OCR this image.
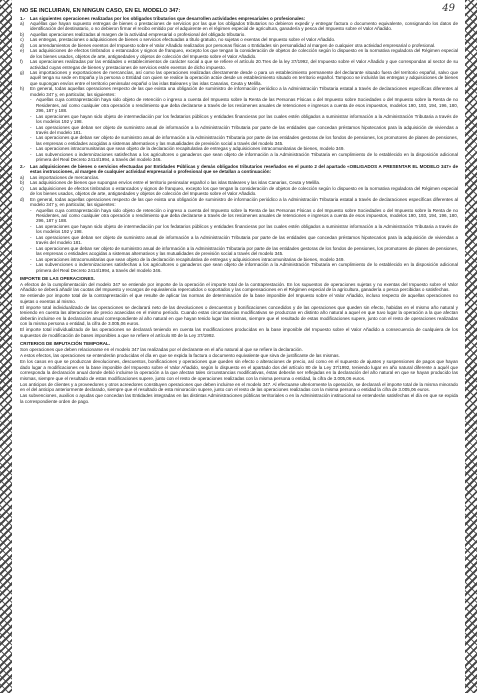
49

NO SE INCLUIRÁN, EN NINGÚN CASO, EN EL MODELO 347:

1.-	Las siguientes operaciones realizadas por los obligados tributarios que desarrollen actividades empresariales o profesionales:
a)	Aquéllas que hayan supuesto entregas de bienes o prestaciones de servicios por las que los obligados tributarios no debieron expedir y entregar factura o documento equivalente, consignando los datos de identificación del destinatario, o no debieron firmar el recibo emitido por el adquirente en el régimen especial de agricultura, ganadería y pesca del Impuesto sobre el Valor Añadido.
b)	Aquellas operaciones realizadas al margen de la actividad empresarial o profesional del obligado tributario.
c)	Las entregas, prestaciones o adquisiciones de bienes o servicios efectuadas a título gratuito, no sujetas o exentas del Impuesto sobre el Valor Añadido.
d)	Los arrendamientos de bienes exentos del Impuesto sobre el Valor Añadido realizados por personas físicas o Entidades sin personalidad al margen de cualquier otra actividad empresarial o profesional.
e)	Las adquisiciones de efectos timbrados o estancados y signos de franqueo, excepto los que tengan la consideración de objetos de colección según lo dispuesto en la normativa reguladora del Régimen especial de los bienes usados, objetos de arte, antigüedades y objetos de colección del Impuesto sobre el Valor Añadido.
f)	Las operaciones realizadas por las entidades o establecimientos de carácter social a que se refiere el artículo 20.Tres de la ley 37/1992, del Impuesto sobre el Valor Añadido y que correspondan al sector de su actividad cuyas entregas de bienes y prestaciones de servicios estén exentos de dicho impuesto.
g)	Las importaciones y exportaciones de mercancías, así como las operaciones realizadas directamente desde o para un establecimiento permanente del declarante situado fuera del territorio español, salvo que aquél tenga su sede en España y la persona o Entidad con quien se realice la operación actúe desde un establecimiento situado en territorio español. Tampoco se incluirán las entregas y adquisiciones de bienes que supongan envíos entre el territorio peninsular español o las islas Baleares y las islas Canarias, Ceuta y Melilla.
h)	En general, todas aquellas operaciones respecto de las que exista una obligación de suministro de información periódico a la Administración Tributaria estatal a través de declaraciones específicas diferentes al modelo 347 y, en particular, las siguientes:
- Aquellas cuya contraprestación haya sido objeto de retención o ingreso a cuenta del Impuesto sobre la Renta de las Personas Físicas o del Impuesto sobre Sociedades o del Impuesto sobre la Renta de no Residentes, así como cualquier otra operación o rendimiento que deba declararse a través de los resúmenes anuales de retenciones e ingresos a cuenta de esos impuestos, modelos 190, 193, 194, 196, 180, 296, 187 y 188.
- Las operaciones que hayan sido objeto de intermediación por los fedatarios públicos y entidades financieras por las cuales estén obligados a suministrar información a la Administración Tributaria a través de los modelos 192 y 198.
- Las operaciones que deban ser objeto de suministro anual de información a la Administración Tributaria por parte de las entidades que concedan préstamos hipotecarios para la adquisición de viviendas a través del modelo 181.
- Las operaciones que deban ser objeto de suministro anual de información a la Administración Tributaria por parte de las entidades gestoras de los fondos de pensiones, los promotores de planes de pensiones, las empresas o entidades acogidas a sistemas alternativos y las mutualidades de previsión social a través del modelo 345.
- Las operaciones intracomunitarias que sean objeto de la declaración recapitulativa de entregas y adquisiciones intracomunitarias de bienes, modelo 349.
- Las subvenciones o indemnizaciones satisfechas a los agricultores o ganaderos que sean objeto de información a la Administración Tributaria en cumplimiento de lo establecido en la disposición adicional primera del Real Decreto 2414/1994, a través del modelo 346.
2.-	Las adquisiciones de bienes o servicios efectuadas por Entidades Públicas y demás obligados tributarios reseñados en el punto 2 del apartado «OBLIGADOS A PRESENTAR EL MODELO 347» de estas instrucciones, al margen de cualquier actividad empresarial o profesional que se detallan a continuación:
a)	Las importaciones de mercancías.
b)	Las adquisiciones de bienes que supongan envíos entre el territorio peninsular español o las islas Baleares y las islas Canarias, Ceuta y Melilla.
c)	Las adquisiciones de efectos timbrados o estancados y signos de franqueo, excepto los que tengan la consideración de objetos de colección según lo dispuesto en la normativa reguladora del Régimen especial de los bienes usados, objetos de arte, antigüedades y objetos de colección del Impuesto sobre el Valor Añadido.
d)	En general, todas aquellas operaciones respecto de las que exista una obligación de suministro de información periódico a la Administración Tributaria estatal a través de declaraciones específicas diferentes al modelo 347 y, en particular, las siguientes:
- Aquellas cuya contraprestación haya sido objeto de retención o ingreso a cuenta del Impuesto sobre la Renta de las Personas Físicas o del Impuesto sobre Sociedades o del Impuesto sobre la Renta de no Residentes, así como cualquier otra operación o rendimiento que deba declararse a través de los resúmenes anuales de retenciones e ingresos a cuenta de esos impuestos, modelos 190, 193, 194, 196, 180, 296, 187 y 188.
- Las operaciones que hayan sido objeto de intermediación por los fedatarios públicos y entidades financieras por las cuales estén obligados a suministrar información a la Administración Tributaria a través de los modelos 192 y 198.
- Las operaciones que deban ser objeto de suministro anual de información a la Administración Tributaria por parte de las entidades que concedan préstamos hipotecarios para la adquisición de viviendas a través del modelo 181.
- Las operaciones que deban ser objeto de suministro anual de información a la Administración Tributaria por parte de las entidades gestoras de los fondos de pensiones, los promotores de planes de pensiones, las empresas o entidades acogidas a sistemas alternativos y las mutualidades de previsión social a través del modelo 345.
- Las operaciones intracomunitarias que sean objeto de la declaración recapitulativa de entregas y adquisiciones intracomunitarias de bienes, modelo 349.
- Las subvenciones o indemnizaciones satisfechas a los agricultores o ganaderos que sean objeto de información a la Administración Tributaria en cumplimiento de lo establecido en la disposición adicional primera del Real Decreto 2414/1994, a través del modelo 346.

IMPORTE DE LAS OPERACIONES.

A efectos de la cumplimentación del modelo 347 se entiende por importe de la operación el importe total de la contraprestación. En los supuestos de operaciones sujetas y no exentas del Impuesto sobre el Valor Añadido se deberá añadir las cuotas del Impuesto y recargos de equivalencia repercutidos o soportados y las compensaciones en el Régimen especial de la agricultura, ganadería o pesca percibidas o satisfechas.

Se entiende por importe total de la contraprestación el que resulte de aplicar las normas de determinación de la base imponible del Impuesto sobre el Valor Añadido, incluso respecto de aquellas operaciones no sujetas o exentas al mismo.

El importe total individualizado de las operaciones se declarará neto de las devoluciones o descuentos y bonificaciones concedidos y de las operaciones que queden sin efecto, habidas en el mismo año natural y teniendo en cuenta las alteraciones de precio acaecidas en el mismo período. Cuando estas circunstancias modificativas se produzcan en distinto año natural a aquel en que tuvo lugar la operación a la que afectan deberán incluirse en la declaración anual correspondiente al año natural en que hayan tenido lugar las mismas, siempre que el resultado de estas modificaciones supere, junto con el resto de operaciones realizadas con la misma persona o entidad, la cifra de 3.005,06 euros.

El importe total individualizado de las operaciones se declarará teniendo en cuenta las modificaciones producidas en la base imponible del Impuesto sobre el Valor Añadido a consecuencia de cualquiera de los supuestos de modificación de bases imponibles a que se refiere el artículo 80 de la Ley 37/1992.

CRITERIOS DE IMPUTACIÓN TEMPORAL.

Son operaciones que deben relacionarse en el modelo 347 las realizadas por el declarante en el año natural al que se refiere la declaración.

A estos efectos, las operaciones se entenderán producidas el día en que se expida la factura o documento equivalente que sirva de justificante de las mismas.

En los casos en que se produzcan devoluciones, descuentos, bonificaciones y operaciones que queden sin efecto o alteraciones de precio, así como en el supuesto de ajustes y suspensiones de pagos que hayan dado lugar a modificaciones en la base imponible del Impuesto sobre el Valor Añadido, según lo dispuesto en el apartado dos del artículo 80 de la Ley 37/1992, teniendo lugar en año natural diferente a aquél que corresponda la declaración anual donde debió incluirse la operación a la que afectan tales circunstancias modificativas, éstas deberán ser reflejadas en la declaración del año natural en que se hayan producido las mismas, siempre que el resultado de estas modificaciones supere, junto con el resto de operaciones realizadas con la misma persona o entidad, la cifra de 3.005,06 euros.

Los anticipos de clientes y a proveedores y otros acreedores constituyen operaciones que deben incluirse en el modelo 347. Al efectuarse ulteriormente la operación, se declarará el importe total de la misma minorado en el del anticipo anteriormente declarado, siempre que el resultado de esta minoración supere, junto con el resto de las operaciones realizadas con la misma persona o entidad la cifra de 3.005,06 euros.

Las subvenciones, auxilios o ayudas que concedan las Entidades integradas en las distintas Administraciones públicas territoriales o en la Administración institucional se entenderán satisfechas el día en que se expida la correspondiente orden de pago.
